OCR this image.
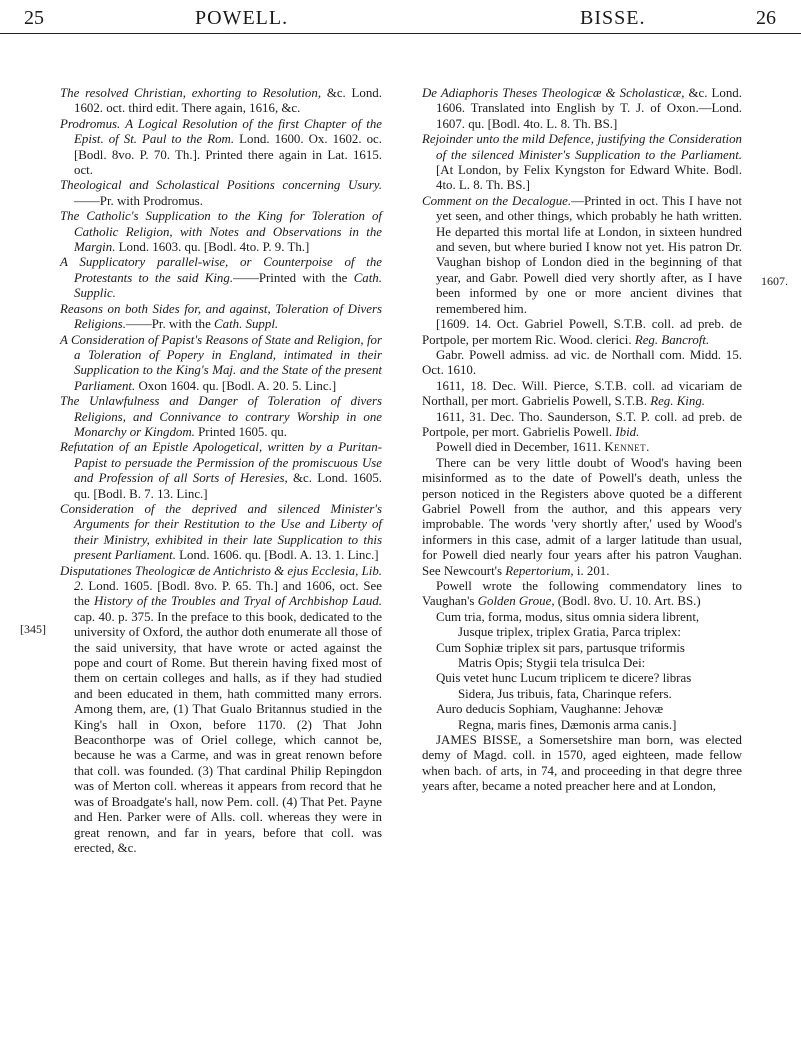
25	POWELL.	BISSE.	26
[345]
1607.

The resolved Christian, exhorting to Resolution, &c. Lond. 1602. oct. third edit. There again, 1616, &c.

Prodromus. A Logical Resolution of the first Chapter of the Epist. of St. Paul to the Rom. Lond. 1600. Ox. 1602. oc. [Bodl. 8vo. P. 70. Th.]. Printed there again in Lat. 1615. oct.

Theological and Scholastical Positions concerning Usury.——Pr. with Prodromus.

The Catholic's Supplication to the King for Toleration of Catholic Religion, with Notes and Observations in the Margin. Lond. 1603. qu. [Bodl. 4to. P. 9. Th.]

A Supplicatory parallel-wise, or Counterpoise of the Protestants to the said King.——Printed with the Cath. Supplic.

Reasons on both Sides for, and against, Toleration of Divers Religions.——Pr. with the Cath. Suppl.

A Consideration of Papist's Reasons of State and Religion, for a Toleration of Popery in England, intimated in their Supplication to the King's Maj. and the State of the present Parliament. Oxon 1604. qu. [Bodl. A. 20. 5. Linc.]

The Unlawfulness and Danger of Toleration of divers Religions, and Connivance to contrary Worship in one Monarchy or Kingdom. Printed 1605. qu.

Refutation of an Epistle Apologetical, written by a Puritan-Papist to persuade the Permission of the promiscuous Use and Profession of all Sorts of Heresies, &c. Lond. 1605. qu. [Bodl. B. 7. 13. Linc.]

Consideration of the deprived and silenced Minister's Arguments for their Restitution to the Use and Liberty of their Ministry, exhibited in their late Supplication to this present Parliament. Lond. 1606. qu. [Bodl. A. 13. 1. Linc.]

Disputationes Theologicæ de Antichristo & ejus Ecclesia, Lib. 2. Lond. 1605. [Bodl. 8vo. P. 65. Th.] and 1606, oct. See the History of the Troubles and Tryal of Archbishop Laud. cap. 40. p. 375. In the preface to this book, dedicated to the university of Oxford, the author doth enumerate all those of the said university, that have wrote or acted against the pope and court of Rome. But therein having fixed most of them on certain colleges and halls, as if they had studied and been educated in them, hath committed many errors. Among them, are, (1) That Gualo Britannus studied in the King's hall in Oxon, before 1170. (2) That John Beaconthorpe was of Oriel college, which cannot be, because he was a Carme, and was in great renown before that coll. was founded. (3) That cardinal Philip Repingdon was of Merton coll. whereas it appears from record that he was of Broadgate's hall, now Pem. coll. (4) That Pet. Payne and Hen. Parker were of Alls. coll. whereas they were in great renown, and far in years, before that coll. was erected, &c.

De Adiaphoris Theses Theologicæ & Scholasticæ, &c. Lond. 1606. Translated into English by T. J. of Oxon.—Lond. 1607. qu. [Bodl. 4to. L. 8. Th. BS.]

Rejoinder unto the mild Defence, justifying the Consideration of the silenced Minister's Supplication to the Parliament. [At London, by Felix Kyngston for Edward White. Bodl. 4to. L. 8. Th. BS.]

Comment on the Decalogue.—Printed in oct. This I have not yet seen, and other things, which probably he hath written. He departed this mortal life at London, in sixteen hundred and seven, but where buried I know not yet. His patron Dr. Vaughan bishop of London died in the beginning of that year, and Gabr. Powell died very shortly after, as I have been informed by one or more ancient divines that remembered him.

[1609. 14. Oct. Gabriel Powell, S.T.B. coll. ad preb. de Portpole, per mortem Ric. Wood. clerici. Reg. Bancroft.

Gabr. Powell admiss. ad vic. de Northall com. Midd. 15. Oct. 1610.

1611, 18. Dec. Will. Pierce, S.T.B. coll. ad vicariam de Northall, per mort. Gabrielis Powell, S.T.B. Reg. King.

1611, 31. Dec. Tho. Saunderson, S.T. P. coll. ad preb. de Portpole, per mort. Gabrielis Powell. Ibid.

Powell died in December, 1611. Kennet.

There can be very little doubt of Wood's having been misinformed as to the date of Powell's death, unless the person noticed in the Registers above quoted be a different Gabriel Powell from the author, and this appears very improbable. The words 'very shortly after,' used by Wood's informers in this case, admit of a larger latitude than usual, for Powell died nearly four years after his patron Vaughan. See Newcourt's Repertorium, i. 201.

Powell wrote the following commendatory lines to Vaughan's Golden Groue, (Bodl. 8vo. U. 10. Art. BS.)

Cum tria, forma, modus, situs omnia sidera librent,

Jusque triplex, triplex Gratia, Parca triplex:

Cum Sophiæ triplex sit pars, partusque triformis

Matris Opis; Stygii tela trisulca Dei:

Quis vetet hunc Lucum triplicem te dicere? libras

Sidera, Jus tribuis, fata, Charinque refers.

Auro deducis Sophiam, Vaughanne: Jehovæ

Regna, maris fines, Dæmonis arma canis.]

JAMES BISSE, a Somersetshire man born, was elected demy of Magd. coll. in 1570, aged eighteen, made fellow when bach. of arts, in 74, and proceeding in that degre three years after, became a noted preacher here and at London,
